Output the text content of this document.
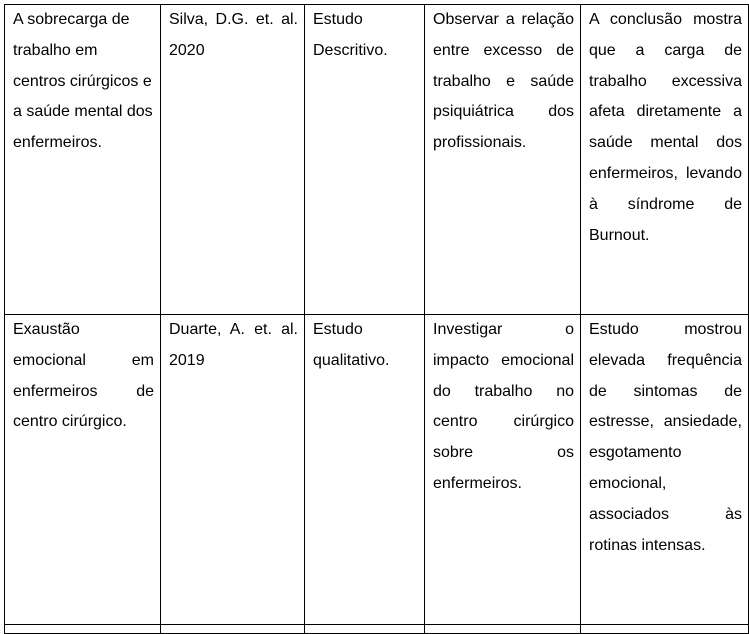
A sobrecarga de trabalho em centros cirúrgicos e a saúde mental dos enfermeiros.	Silva, D.G. et. al. 2020	Estudo Descritivo.	Observar a relação entre excesso de trabalho e saúde psiquiátrica dos profissionais.	A conclusão mostra que a carga de trabalho excessiva afeta diretamente a saúde mental dos enfermeiros, levando à síndrome de Burnout.

Exaustão emocional em enfermeiros de centro cirúrgico.	Duarte, A. et. al. 2019	Estudo qualitativo.	Investigar o impacto emocional do trabalho no centro cirúrgico sobre os enfermeiros.	Estudo mostrou elevada frequência de sintomas de estresse, ansiedade, esgotamento emocional, associados às rotinas intensas.
